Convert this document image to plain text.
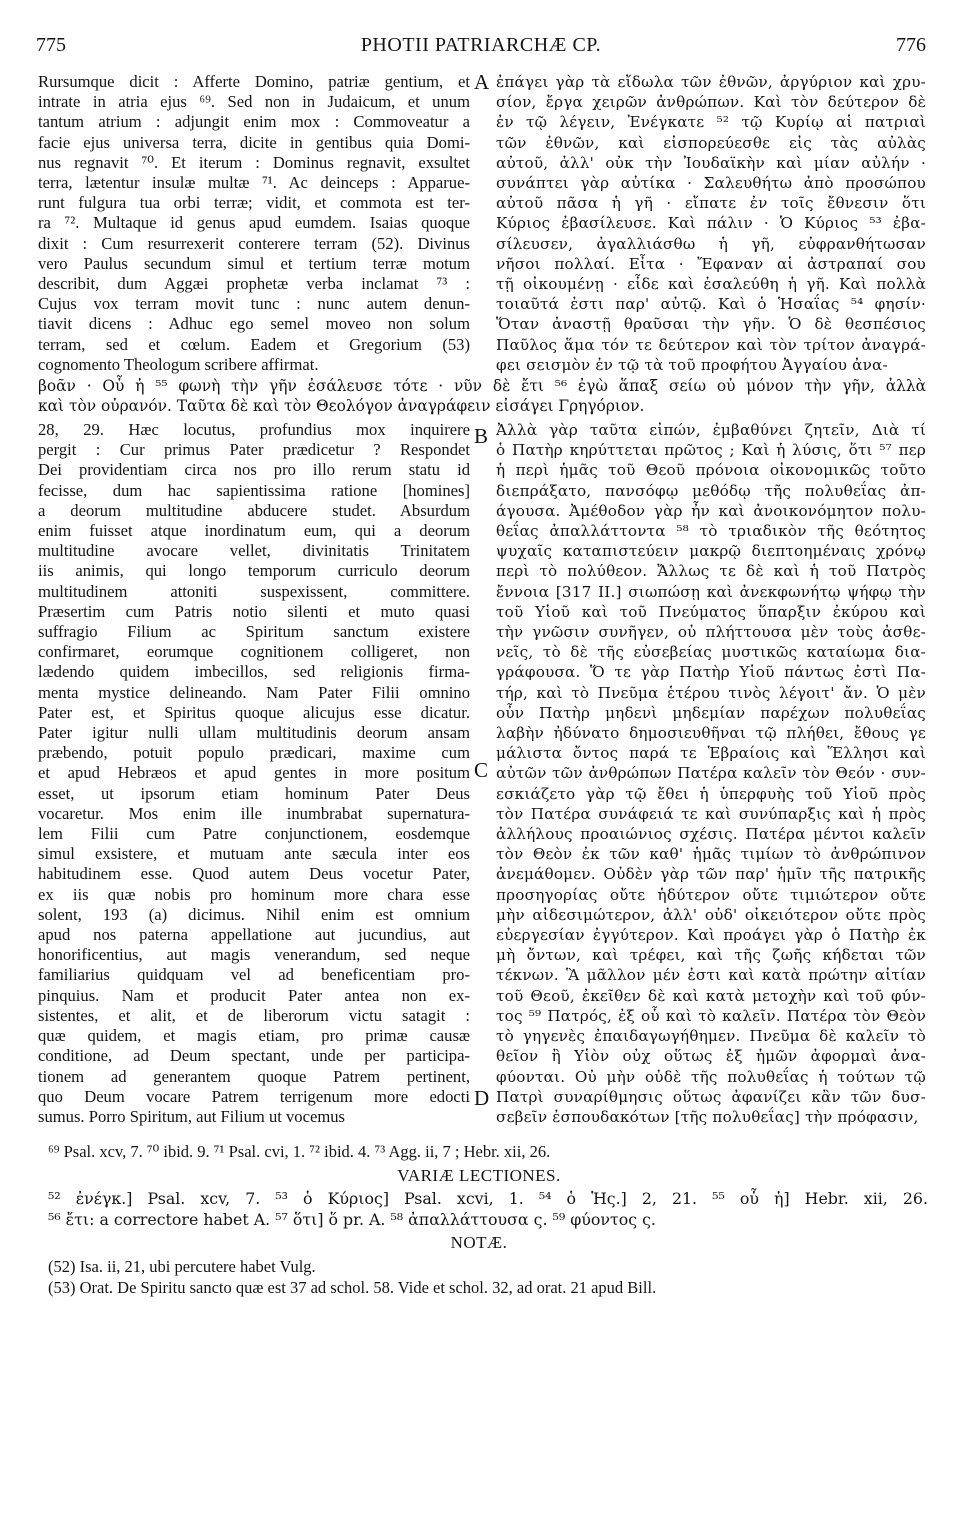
775	PHOTII PATRIARCHÆ CP.	776
Rursumque dicit : Afferte Domino, patriæ gentium, et
intrate in atria ejus ⁶⁹. Sed non in Judaicum, et unum
tantum atrium : adjungit enim mox : Commoveatur a
facie ejus universa terra, dicite in gentibus quia Domi-
nus regnavit ⁷⁰. Et iterum : Dominus regnavit, exsultet
terra, lætentur insulæ multæ ⁷¹. Ac deinceps : Apparue-
runt fulgura tua orbi terræ; vidit, et commota est ter-
ra ⁷². Multaque id genus apud eumdem. Isaias quoque
dixit : Cum resurrexerit conterere terram (52). Divinus
vero Paulus secundum simul et tertium terræ motum
describit, dum Aggæi prophetæ verba inclamat ⁷³ :
Cujus vox terram movit tunc : nunc autem denun-
tiavit dicens : Adhuc ego semel moveo non solum
terram, sed et cœlum. Eadem et Gregorium (53)
cognomento Theologum scribere affirmat.
ἐπάγει γὰρ τὰ εἴδωλα τῶν ἐθνῶν, ἀργύριον καὶ χρυ-
σίον, ἔργα χειρῶν ἀνθρώπων. Καὶ τὸν δεύτερον δὲ
ἐν τῷ λέγειν, Ἐνέγκατε ⁵² τῷ Κυρίῳ αἱ πατριαὶ
τῶν ἐθνῶν, καὶ εἰσπορεύεσθε εἰς τὰς αὐλὰς
αὐτοῦ, ἀλλ' οὐκ τὴν Ἰουδαϊκὴν καὶ μίαν αὐλήν ·
συνάπτει γὰρ αὐτίκα · Σαλευθήτω ἀπὸ προσώπου
αὐτοῦ πᾶσα ἡ γῆ · εἴπατε ἐν τοῖς ἔθνεσιν ὅτι
Κύριος ἐβασίλευσε. Καὶ πάλιν · Ὁ Κύριος ⁵³ ἐβα-
σίλευσεν, ἀγαλλιάσθω ἡ γῆ, εὐφρανθήτωσαν
νῆσοι πολλαί. Εἶτα · Ἔφαναν αἱ ἀστραπαί σου
τῇ οἰκουμένῃ · εἶδε καὶ ἐσαλεύθη ἡ γῆ. Καὶ πολλὰ
τοιαῦτά ἐστι παρ' αὐτῷ. Καὶ ὁ Ἡσαΐας ⁵⁴ φησίν·
Ὅταν ἀναστῇ θραῦσαι τὴν γῆν. Ὁ δὲ θεσπέσιος
Παῦλος ἅμα τόν τε δεύτερον καὶ τὸν τρίτον ἀναγρά-
φει σεισμὸν ἐν τῷ τὰ τοῦ προφήτου Ἀγγαίου ἀνα-
A
βοᾶν · Οὗ ἡ ⁵⁵ φωνὴ τὴν γῆν ἐσάλευσε τότε · νῦν δὲ ἔτι ⁵⁶ ἐγὼ ἅπαξ σείω οὐ μόνον τὴν γῆν, ἀλλὰ
καὶ τὸν οὐρανόν. Ταῦτα δὲ καὶ τὸν Θεολόγον ἀναγράφειν εἰσάγει Γρηγόριον.
28, 29. Hæc locutus, profundius mox inquirere
pergit : Cur primus Pater prædicetur ? Respondet
Dei providentiam circa nos pro illo rerum statu id
fecisse, dum hac sapientissima ratione [homines]
a deorum multitudine abducere studet. Absurdum
enim fuisset atque inordinatum eum, qui a deorum
multitudine avocare vellet, divinitatis Trinitatem
iis animis, qui longo temporum curriculo deorum
multitudinem attoniti suspexissent, committere.
Præsertim cum Patris notio silenti et muto quasi
suffragio Filium ac Spiritum sanctum existere
confirmaret, eorumque cognitionem colligeret, non
lædendo quidem imbecillos, sed religionis firma-
menta mystice delineando. Nam Pater Filii omnino
Pater est, et Spiritus quoque alicujus esse dicatur.
Pater igitur nulli ullam multitudinis deorum ansam
præbendo, potuit populo prædicari, maxime cum
et apud Hebræos et apud gentes in more positum
esset, ut ipsorum etiam hominum Pater Deus
vocaretur. Mos enim ille inumbrabat supernatura-
lem Filii cum Patre conjunctionem, eosdemque
simul exsistere, et mutuam ante sæcula inter eos
habitudinem esse. Quod autem Deus vocetur Pater,
ex iis quæ nobis pro hominum more chara esse
solent, 193 (a) dicimus. Nihil enim est omnium
apud nos paterna appellatione aut jucundius, aut
honorificentius, aut magis venerandum, sed neque
familiarius quidquam vel ad beneficentiam pro-
pinquius. Nam et producit Pater antea non ex-
sistentes, et alit, et de liberorum victu satagit :
quæ quidem, et magis etiam, pro primæ causæ
conditione, ad Deum spectant, unde per participa-
tionem ad generantem quoque Patrem pertinent,
quo Deum vocare Patrem terrigenum more edocti
sumus. Porro Spiritum, aut Filium ut vocemus
Ἀλλὰ γὰρ ταῦτα εἰπών, ἐμβαθύνει ζητεῖν, Διὰ τί
ὁ Πατὴρ κηρύττεται πρῶτος ; Καὶ ἡ λύσις, ὅτι ⁵⁷ περ
ἡ περὶ ἡμᾶς τοῦ Θεοῦ πρόνοια οἰκονομικῶς τοῦτο
διεπράξατο, πανσόφῳ μεθόδῳ τῆς πολυθεΐας ἀπ-
άγουσα. Ἀμέθοδον γὰρ ἦν καὶ ἀνοικονόμητον πολυ-
θεΐας ἀπαλλάττοντα ⁵⁸ τὸ τριαδικὸν τῆς θεότητος
ψυχαῖς καταπιστεύειν μακρῷ διεπτοημέναις χρόνῳ
περὶ τὸ πολύθεον. Ἄλλως τε δὲ καὶ ἡ τοῦ Πατρὸς
ἔννοια [317 II.] σιωπώσῃ καὶ ἀνεκφωνήτῳ ψήφῳ τὴν
τοῦ Υἱοῦ καὶ τοῦ Πνεύματος ὕπαρξιν ἐκύρου καὶ
τὴν γνῶσιν συνῆγεν, οὐ πλήττουσα μὲν τοὺς ἀσθε-
νεῖς, τὸ δὲ τῆς εὐσεβείας μυστικῶς καταίωμα δια-
γράφουσα. Ὅ τε γὰρ Πατὴρ Υἱοῦ πάντως ἐστὶ Πα-
τήρ, καὶ τὸ Πνεῦμα ἑτέρου τινὸς λέγοιτ' ἄν. Ὁ μὲν
οὖν Πατὴρ μηδενὶ μηδεμίαν παρέχων πολυθεΐας
λαβὴν ἠδύνατο δημοσιευθῆναι τῷ πλήθει, ἔθους γε
μάλιστα ὄντος παρά τε Ἑβραίοις καὶ Ἕλλησι καὶ
αὐτῶν τῶν ἀνθρώπων Πατέρα καλεῖν τὸν Θεόν · συν-
εσκιάζετο γὰρ τῷ ἔθει ἡ ὑπερφυὴς τοῦ Υἱοῦ πρὸς
τὸν Πατέρα συνάφειά τε καὶ συνύπαρξις καὶ ἡ πρὸς
ἀλλήλους προαιώνιος σχέσις. Πατέρα μέντοι καλεῖν
τὸν Θεὸν ἐκ τῶν καθ' ἡμᾶς τιμίων τὸ ἀνθρώπινον
ἀνεμάθομεν. Οὐδὲν γὰρ τῶν παρ' ἡμῖν τῆς πατρικῆς
προσηγορίας οὔτε ἡδύτερον οὔτε τιμιώτερον οὔτε
μὴν αἰδεσιμώτερον, ἀλλ' οὐδ' οἰκειότερον οὔτε πρὸς
εὐεργεσίαν ἐγγύτερον. Καὶ προάγει γὰρ ὁ Πατὴρ ἐκ
μὴ ὄντων, καὶ τρέφει, καὶ τῆς ζωῆς κήδεται τῶν
τέκνων. Ἃ μᾶλλον μέν ἐστι καὶ κατὰ πρώτην αἰτίαν
τοῦ Θεοῦ, ἐκεῖθεν δὲ καὶ κατὰ μετοχὴν καὶ τοῦ φύν-
τος ⁵⁹ Πατρός, ἐξ οὗ καὶ τὸ καλεῖν. Πατέρα τὸν Θεὸν
τὸ γηγενὲς ἐπαιδαγωγήθημεν. Πνεῦμα δὲ καλεῖν τὸ
θεῖον ἢ Υἱὸν οὐχ οὕτως ἐξ ἡμῶν ἀφορμαὶ ἀνα-
φύονται. Οὐ μὴν οὐδὲ τῆς πολυθεΐας ἡ τούτων τῷ
Πατρὶ συναρίθμησις οὕτως ἀφανίζει κἂν τῶν δυσ-
σεβεῖν ἐσπουδακότων [τῆς πολυθεΐας] τὴν πρόφασιν,
B
C
D
⁶⁹ Psal. xcv, 7. ⁷⁰ ibid. 9. ⁷¹ Psal. cvi, 1. ⁷² ibid. 4. ⁷³ Agg. ii, 7 ; Hebr. xii, 26.
VARIÆ LECTIONES.
⁵² ἐνέγκ.] Psal. xcv, 7. ⁵³ ὁ Κύριος] Psal. xcvi, 1. ⁵⁴ ὁ Ἡς.] 2, 21. ⁵⁵ οὗ ἡ] Hebr. xii, 26.
⁵⁶ ἔτι: a correctore habet A. ⁵⁷ ὅτι] ὅ pr. A. ⁵⁸ ἀπαλλάττουσα ς. ⁵⁹ φύοντος ς.
NOTÆ.
(52) Isa. ii, 21, ubi percutere habet Vulg.
(53) Orat. De Spiritu sancto quæ est 37 ad schol. 58. Vide et schol. 32, ad orat. 21 apud Bill.
